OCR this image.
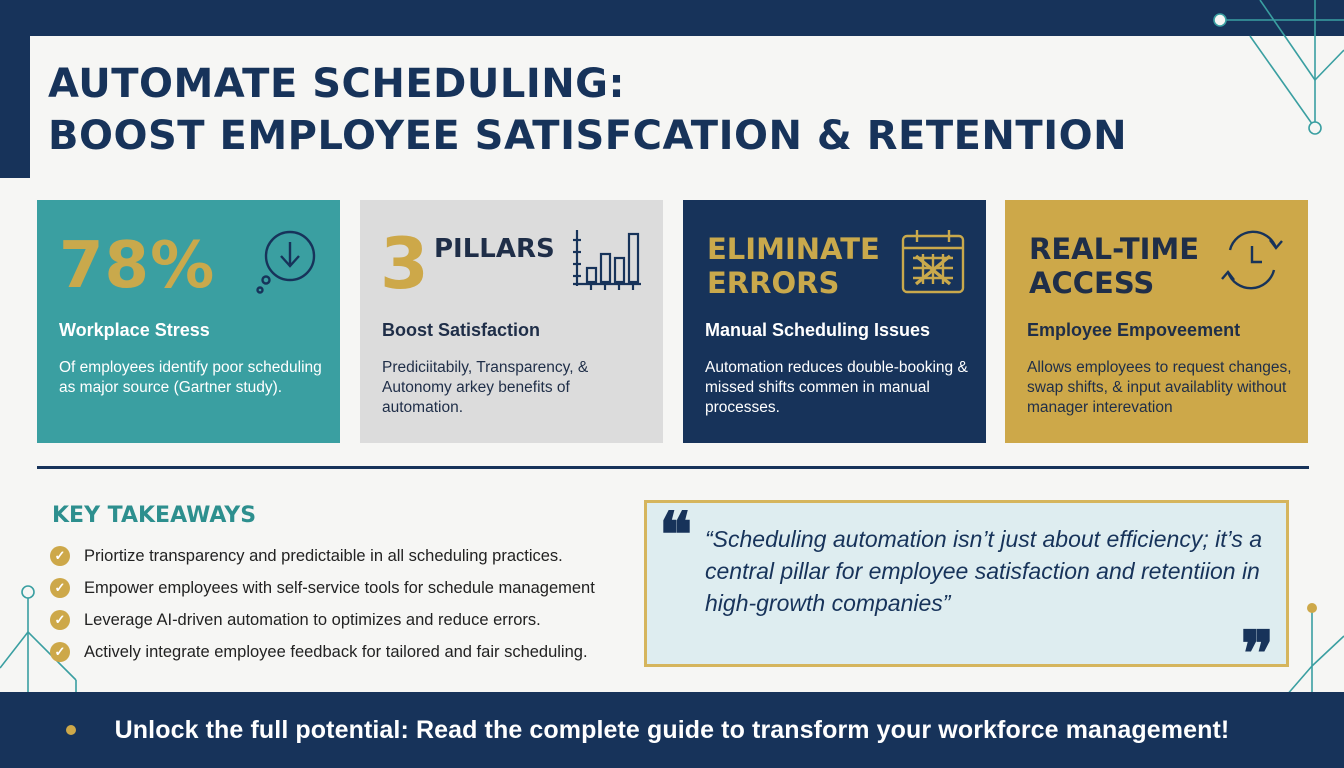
AUTOMATE SCHEDULING:
BOOST EMPLOYEE SATISFCATION & RETENTION
78%
Workplace Stress
Of employees identify poor scheduling as major source (Gartner study).
3 PILLARS
Boost Satisfaction
Prediciitabily, Transparency, & Autonomy arkey benefits of automation.
ELIMINATE
ERRORS
Manual Scheduling Issues
Automation reduces double-booking & missed shifts commen in manual processes.
REAL-TIME
ACCESS
Employee Empoveement
Allows employees to request changes, swap shifts, & input availablity without manager interevation
KEY TAKEAWAYS
✓ Priortize transparency and predictaible in all scheduling practices.
✓ Empower employees with self-service tools for schedule management
✓ Leverage AI-driven automation to optimizes and reduce errors.
✓ Actively integrate employee feedback for tailored and fair scheduling.
❝ “Scheduling automation isn’t just about efficiency; it’s a central pillar for employee satisfaction and retentiion in high-growth companies”
❞
Unlock the full potential: Read the complete guide to transform your workforce management!
